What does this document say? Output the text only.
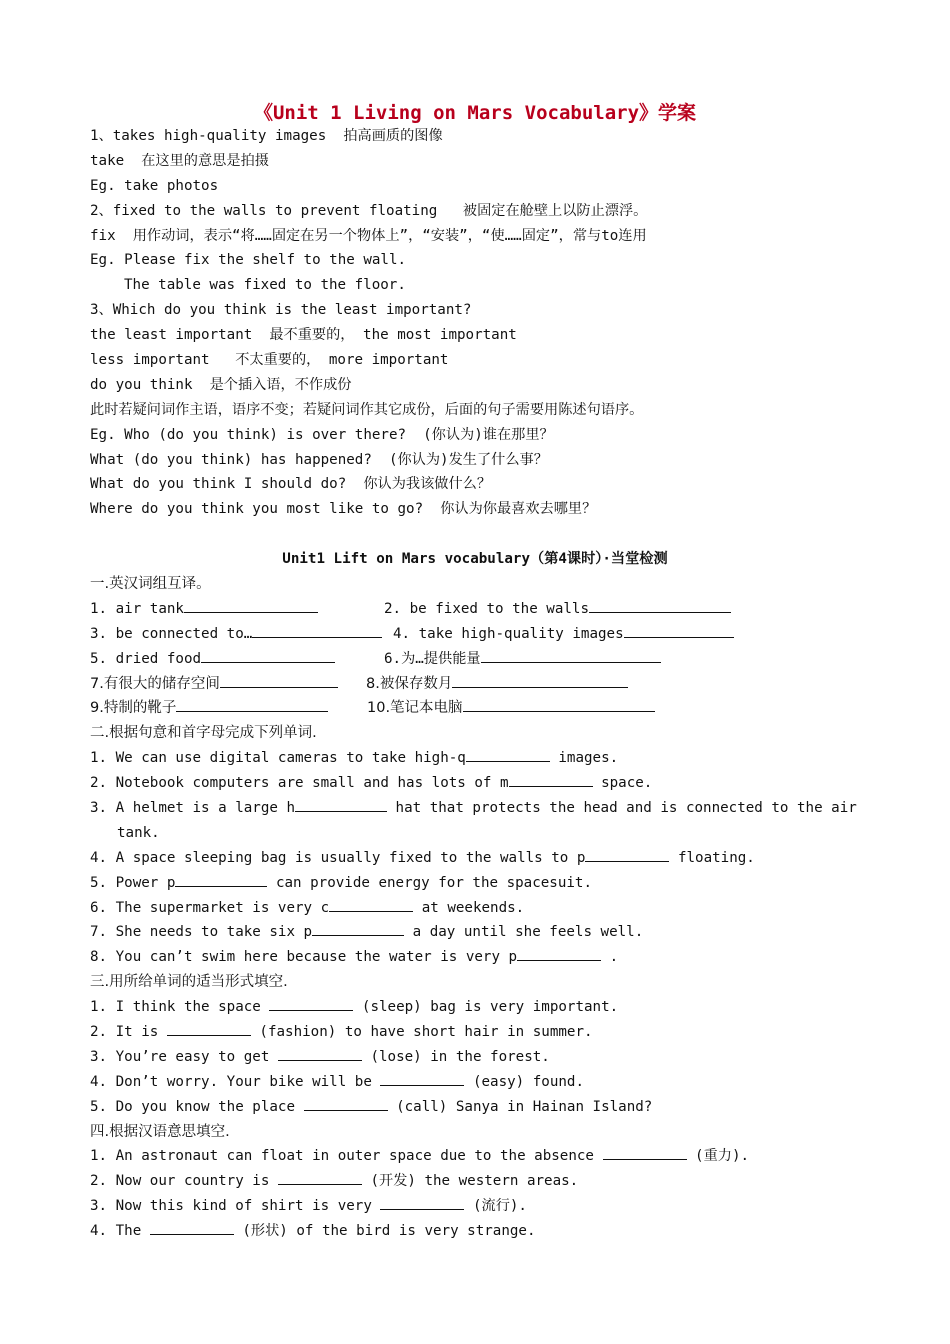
《Unit 1 Living on Mars Vocabulary》学案
1、takes high-quality images  拍高画质的图像
take  在这里的意思是拍摄
Eg. take photos
2、fixed to the walls to prevent floating   被固定在舱壁上以防止漂浮。
fix  用作动词，表示“将……固定在另一个物体上”，“安装”，“使……固定”，常与to连用
Eg. Please fix the shelf to the wall.
The table was fixed to the floor.
3、Which do you think is the least important?
the least important  最不重要的， the most important
less important   不太重要的， more important
do you think  是个插入语，不作成份
此时若疑问词作主语，语序不变；若疑问词作其它成份，后面的句子需要用陈述句语序。
Eg. Who (do you think) is over there?  (你认为)谁在那里？
What (do you think) has happened?  (你认为)发生了什么事？
What do you think I should do?  你认为我该做什么？
Where do you think you most like to go?  你认为你最喜欢去哪里？
Unit1 Lift on Mars vocabulary（第4课时）·当堂检测
一.英汉词组互译。
1. air tank	2. be fixed to the walls
3. be connected to…	4. take high-quality images
5. dried food	6.为…提供能量
7.有很大的储存空间	8.被保存数月
9.特制的靴子	10.笔记本电脑
二.根据句意和首字母完成下列单词.
1. We can use digital cameras to take high-q	images.
2. Notebook computers are small and has lots of m	space.
3. A helmet is a large h	hat that protects the head and is connected to the air
tank.
4. A space sleeping bag is usually fixed to the walls to p	floating.
5. Power p	can provide energy for the spacesuit.
6. The supermarket is very c	at weekends.
7. She needs to take six p	a day until she feels well.
8. You can’t swim here because the water is very p	.
三.用所给单词的适当形式填空.
1. I think the space	(sleep) bag is very important.
2. It is	(fashion) to have short hair in summer.
3. You’re easy to get	(lose) in the forest.
4. Don’t worry. Your bike will be	(easy) found.
5. Do you know the place	(call) Sanya in Hainan Island?
四.根据汉语意思填空.
1. An astronaut can float in outer space due to the absence	(重力).
2. Now our country is	(开发) the western areas.
3. Now this kind of shirt is very	(流行).
4. The	(形状) of the bird is very strange.
